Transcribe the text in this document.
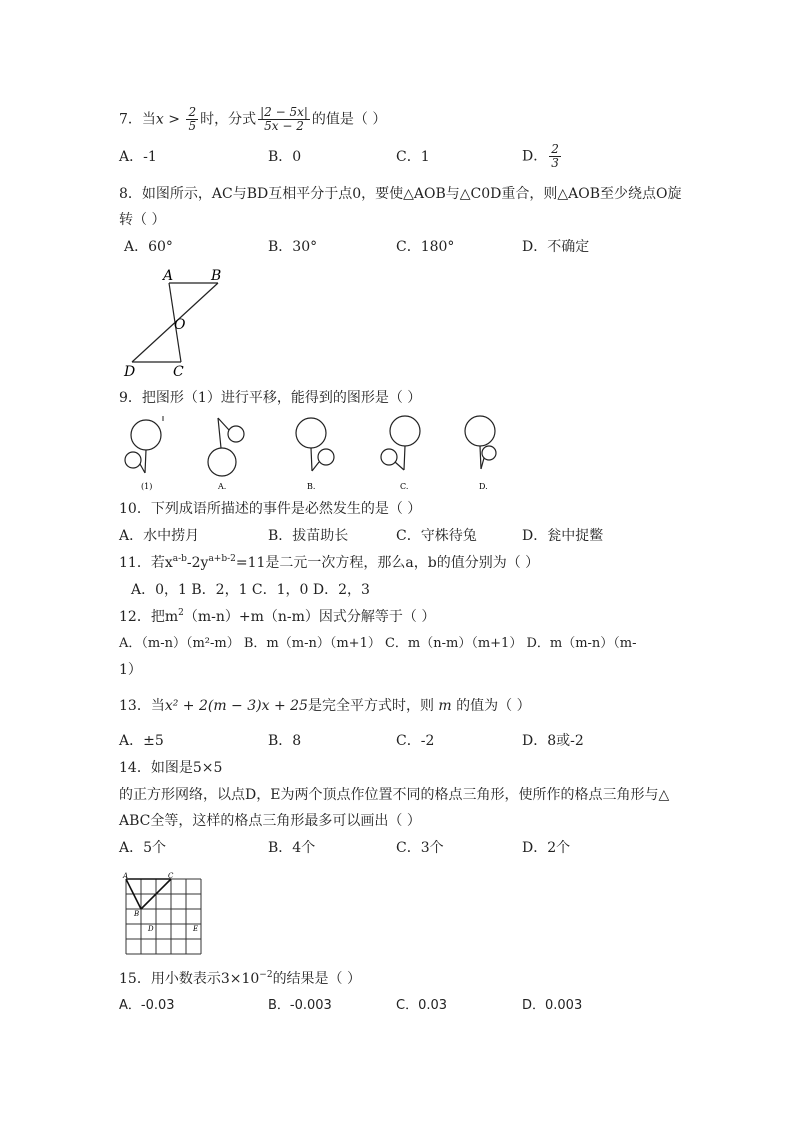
7．当$x > \frac{2}{5}$ 时，分式 $\frac{|2 - 5x|}{5x - 2}$ 的值是（ ）
A．-1	B．0	C．1	D． $\frac{2}{3}$
8．如图所示，AC与BD互相平分于点0，要使△AOB与△C0D重合，则△AOB至少绕点O旋
转（ ）
A．60°	B．30°	C．180°	D．不确定
A	B
O
D	C
9．把图形（1）进行平移，能得到的图形是（ ）
(1)	A.	B.	C.	D.
10．下列成语所描述的事件是必然发生的是（ ）
A．水中捞月	B．拔苗助长	C．守株待兔	D．瓮中捉鳖
11．若$x^{a-b}-2y^{a+b-2}=11$是二元一次方程，那么a，b的值分别为（ ）
A．0，1 B．2，1 C．1，0 D．2，3
12．把$m^2(m-n)+m(n-m)$因式分解等于（ ）
A．（m-n）（m²-m） B．m（m-n）（m+1） C．m（n-m）（m+1） D．m（m-n）（m-
1）
13．当x² + 2(m − 3)x + 25是完全平方式时，则 m 的值为（ ）
A．±5	B．8	C．-2	D．8或-2
14．如图是5×5
的正方形网络，以点D，E为两个顶点作位置不同的格点三角形，使所作的格点三角形与△
ABC全等，这样的格点三角形最多可以画出（ ）
A．5个	B．4个	C．3个	D．2个
A	C
B
D	E
15．用小数表示$3\times 10^{-2}$的结果是（ ）
A．-0.03	B．-0.003	C．0.03	D．0.003
